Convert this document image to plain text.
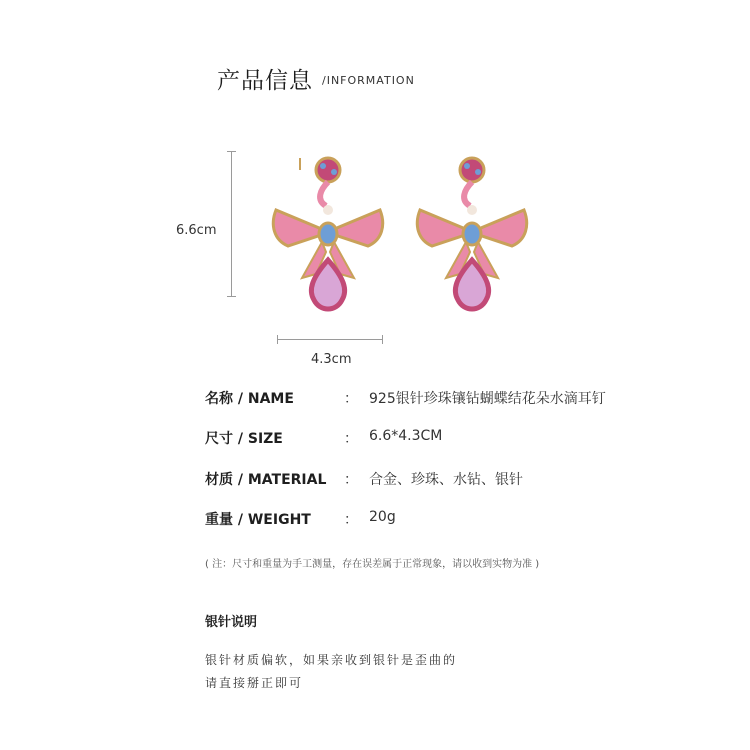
产品信息 /INFORMATION
6.6cm
4.3cm
名称 / NAME	： 925银针珍珠镶钻蝴蝶结花朵水滴耳钉
尺寸 / SIZE	： 6.6*4.3CM
材质 / MATERIAL ： 合金、珍珠、水钻、银针
重量 / WEIGHT ： 20g
( 注：尺寸和重量为手工测量，存在误差属于正常现象，请以收到实物为准 )
银针说明
银针材质偏软，如果亲收到银针是歪曲的
请直接掰正即可
